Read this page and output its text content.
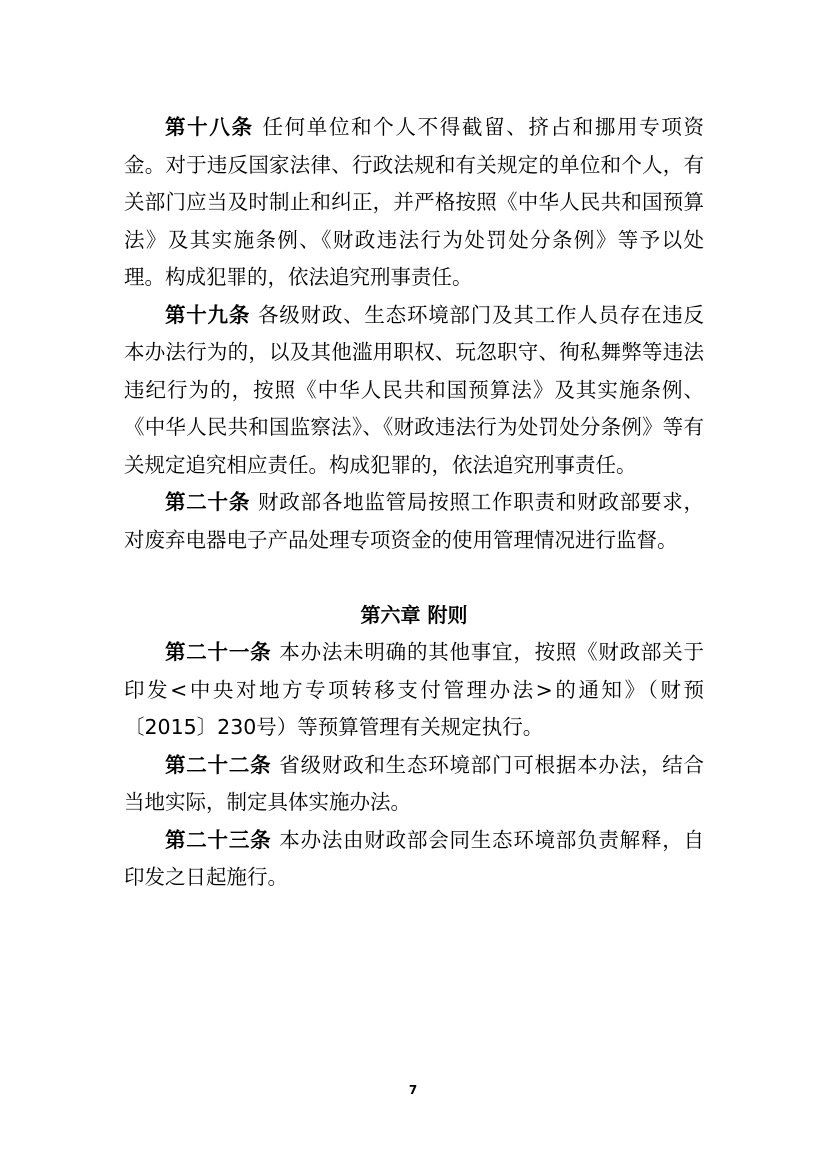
第十八条 任何单位和个人不得截留、挤占和挪用专项资金。对于违反国家法律、行政法规和有关规定的单位和个人，有关部门应当及时制止和纠正，并严格按照《中华人民共和国预算法》及其实施条例、《财政违法行为处罚处分条例》等予以处理。构成犯罪的，依法追究刑事责任。

第十九条 各级财政、生态环境部门及其工作人员存在违反本办法行为的，以及其他滥用职权、玩忽职守、徇私舞弊等违法违纪行为的，按照《中华人民共和国预算法》及其实施条例、《中华人民共和国监察法》、《财政违法行为处罚处分条例》等有关规定追究相应责任。构成犯罪的，依法追究刑事责任。

第二十条 财政部各地监管局按照工作职责和财政部要求，对废弃电器电子产品处理专项资金的使用管理情况进行监督。

第六章 附则

第二十一条 本办法未明确的其他事宜，按照《财政部关于印发<中央对地方专项转移支付管理办法>的通知》（财预〔2015〕230号）等预算管理有关规定执行。

第二十二条 省级财政和生态环境部门可根据本办法，结合当地实际，制定具体实施办法。

第二十三条 本办法由财政部会同生态环境部负责解释，自印发之日起施行。

7
